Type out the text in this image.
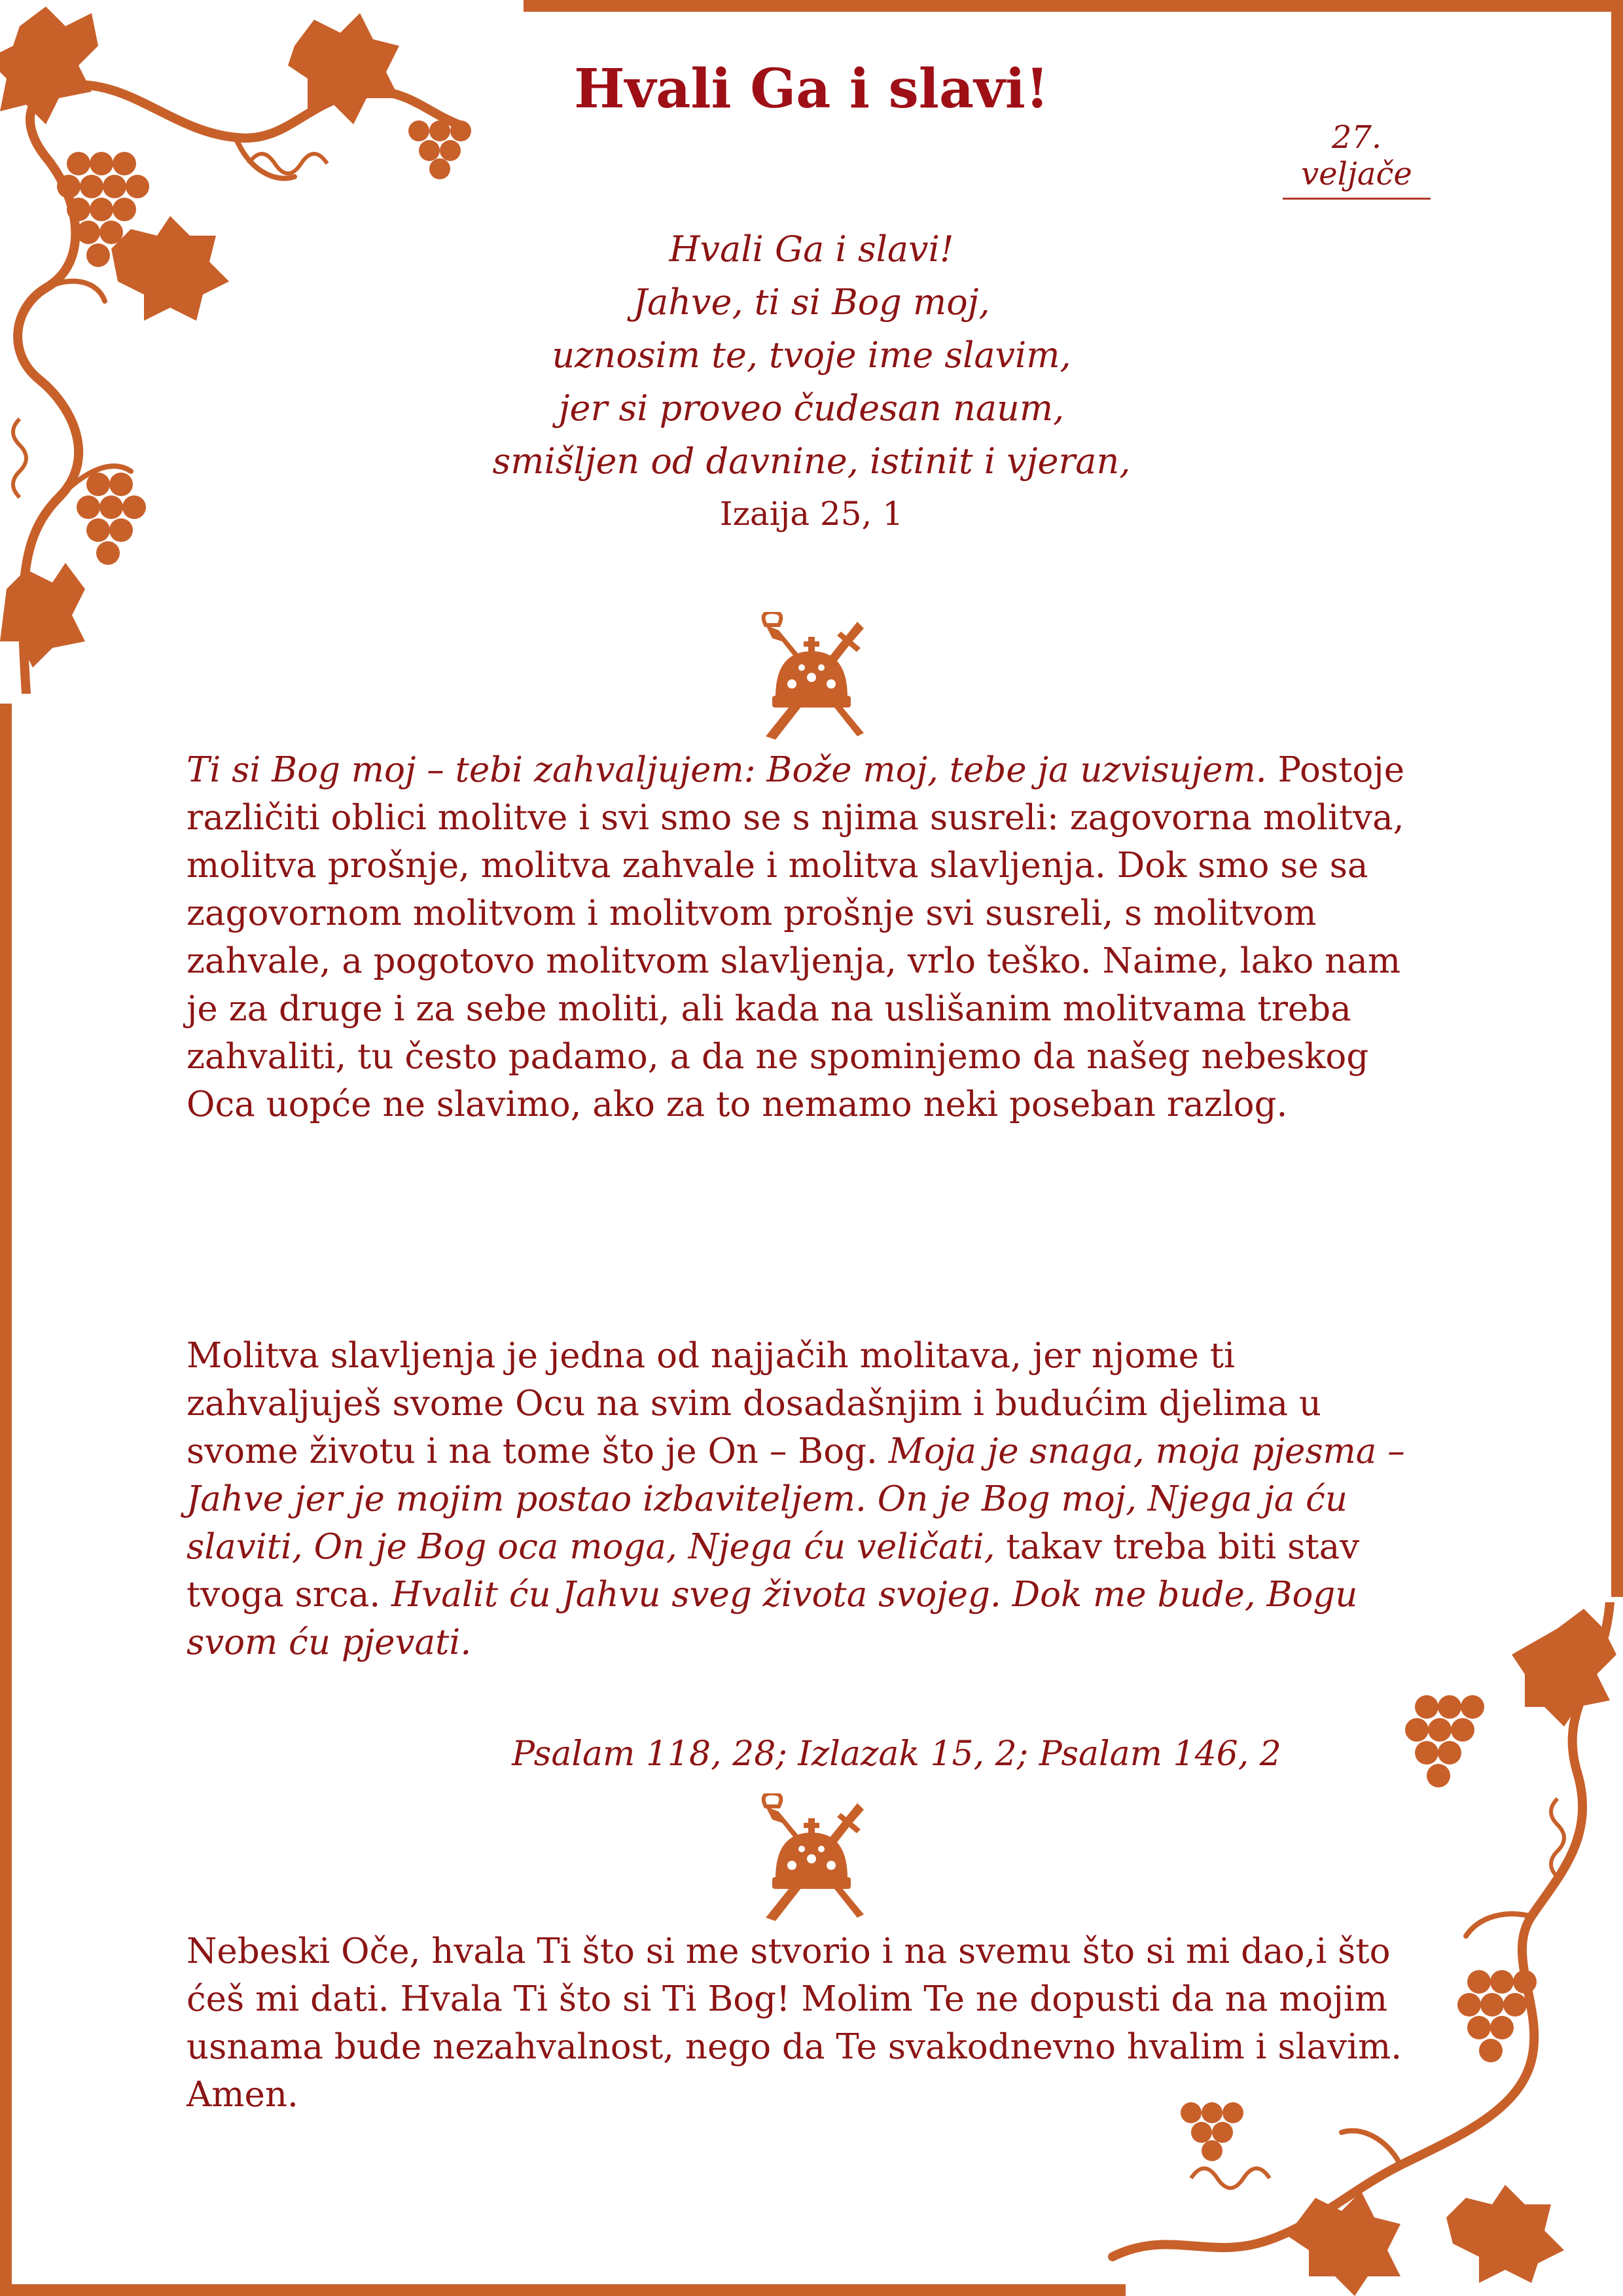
Hvali Ga i slavi!
27. veljače
Hvali Ga i slavi!
Jahve, ti si Bog moj,
uznosim te, tvoje ime slavim,
jer si proveo čudesan naum,
smišljen od davnine, istinit i vjeran,
Izaija 25, 1
Ti si Bog moj – tebi zahvaljujem: Bože moj, tebe ja uzvisujem. Postoje različiti oblici molitve i svi smo se s njima susreli: zagovorna molitva, molitva prošnje, molitva zahvale i molitva slavljenja. Dok smo se sa zagovornom molitvom i molitvom prošnje svi susreli, s molitvom zahvale, a pogotovo molitvom slavljenja, vrlo teško. Naime, lako nam je za druge i za sebe moliti, ali kada na uslišanim molitvama treba zahvaliti, tu često padamo, a da ne spominjemo da našeg nebeskog Oca uopće ne slavimo, ako za to nemamo neki poseban razlog.
Molitva slavljenja je jedna od najjačih molitava, jer njome ti zahvaljuješ svome Ocu na svim dosadašnjim i budućim djelima u svome životu i na tome što je On – Bog. Moja je snaga, moja pjesma – Jahve jer je mojim postao izbaviteljem. On je Bog moj, Njega ja ću slaviti, On je Bog oca moga, Njega ću veličati, takav treba biti stav tvoga srca. Hvalit ću Jahvu sveg života svojeg. Dok me bude, Bogu svom ću pjevati.
Psalam 118, 28; Izlazak 15, 2; Psalam 146, 2
Nebeski Oče, hvala Ti što si me stvorio i na svemu što si mi dao,i što ćeš mi dati. Hvala Ti što si Ti Bog! Molim Te ne dopusti da na mojim usnama bude nezahvalnost, nego da Te svakodnevno hvalim i slavim. Amen.
